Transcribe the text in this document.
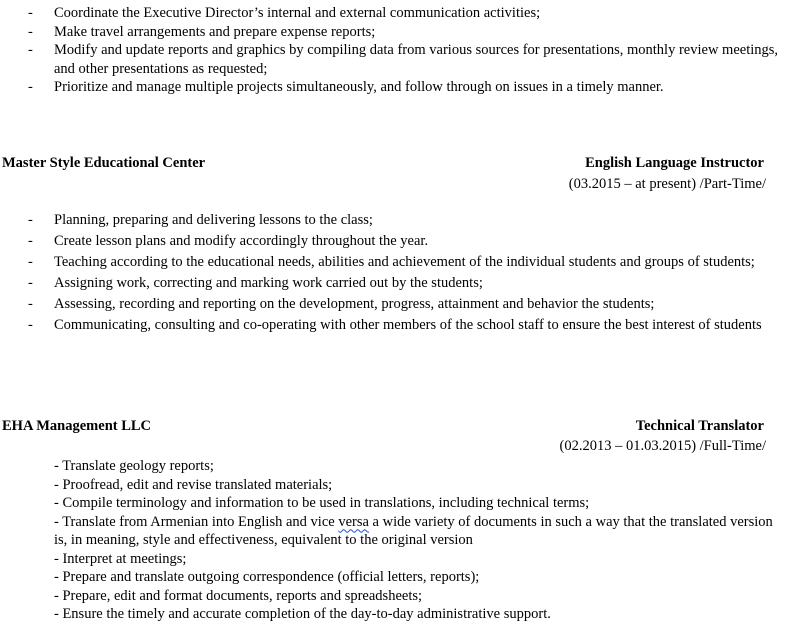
- Coordinate the Executive Director’s internal and external communication activities;
- Make travel arrangements and prepare expense reports;
- Modify and update reports and graphics by compiling data from various sources for presentations, monthly review meetings, and other presentations as requested;
- Prioritize and manage multiple projects simultaneously, and follow through on issues in a timely manner.
Master Style Educational Center	English Language Instructor
(03.2015 – at present) /Part-Time/
- Planning, preparing and delivering lessons to the class;
- Create lesson plans and modify accordingly throughout the year.
- Teaching according to the educational needs, abilities and achievement of the individual students and groups of students;
- Assigning work, correcting and marking work carried out by the students;
- Assessing, recording and reporting on the development, progress, attainment and behavior the students;
- Communicating, consulting and co-operating with other members of the school staff to ensure the best interest of students
EHA Management LLC	Technical Translator
(02.2013 – 01.03.2015) /Full-Time/
- Translate geology reports;
- Proofread, edit and revise translated materials;
- Compile terminology and information to be used in translations, including technical terms;
- Translate from Armenian into English and vice versa a wide variety of documents in such a way that the translated version is, in meaning, style and effectiveness, equivalent to the original version
- Interpret at meetings;
- Prepare and translate outgoing correspondence (official letters, reports);
- Prepare, edit and format documents, reports and spreadsheets;
- Ensure the timely and accurate completion of the day-to-day administrative support.
